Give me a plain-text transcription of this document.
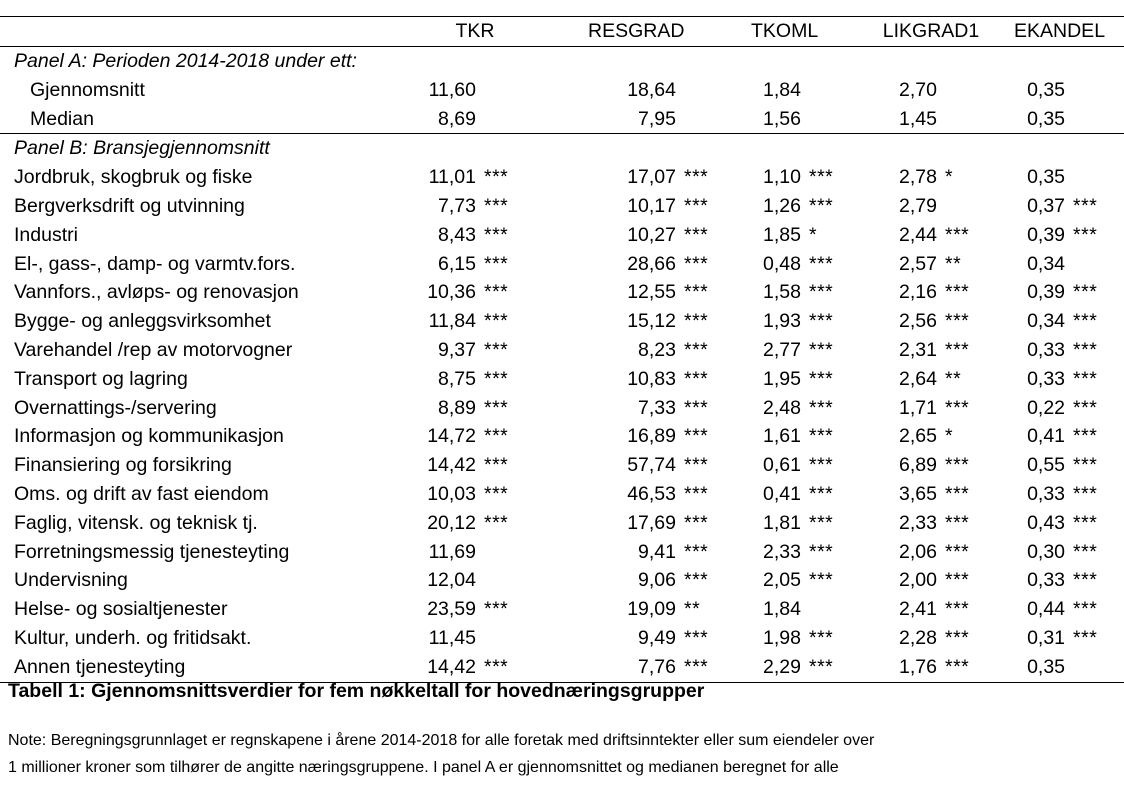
	TKR		RESGRAD		TKOML		LIKGRAD1		EKANDEL	
Panel A: Perioden 2014-2018 under ett:										
Gjennomsnitt	11,60		18,64		1,84		2,70		0,35	
Median	8,69		7,95		1,56		1,45		0,35	
Panel B: Bransjegjennomsnitt										
Jordbruk, skogbruk og fiske	11,01	***	17,07	***	1,10	***	2,78	*	0,35	
Bergverksdrift og utvinning	7,73	***	10,17	***	1,26	***	2,79		0,37	***
Industri	8,43	***	10,27	***	1,85	*	2,44	***	0,39	***
El-, gass-, damp- og varmtv.fors.	6,15	***	28,66	***	0,48	***	2,57	**	0,34	
Vannfors., avløps- og renovasjon	10,36	***	12,55	***	1,58	***	2,16	***	0,39	***
Bygge- og anleggsvirksomhet	11,84	***	15,12	***	1,93	***	2,56	***	0,34	***
Varehandel /rep av motorvogner	9,37	***	8,23	***	2,77	***	2,31	***	0,33	***
Transport og lagring	8,75	***	10,83	***	1,95	***	2,64	**	0,33	***
Overnattings-/servering	8,89	***	7,33	***	2,48	***	1,71	***	0,22	***
Informasjon og kommunikasjon	14,72	***	16,89	***	1,61	***	2,65	*	0,41	***
Finansiering og forsikring	14,42	***	57,74	***	0,61	***	6,89	***	0,55	***
Oms. og drift av fast eiendom	10,03	***	46,53	***	0,41	***	3,65	***	0,33	***
Faglig, vitensk. og teknisk tj.	20,12	***	17,69	***	1,81	***	2,33	***	0,43	***
Forretningsmessig tjenesteyting	11,69		9,41	***	2,33	***	2,06	***	0,30	***
Undervisning	12,04		9,06	***	2,05	***	2,00	***	0,33	***
Helse- og sosialtjenester	23,59	***	19,09	**	1,84		2,41	***	0,44	***
Kultur, underh. og fritidsakt.	11,45		9,49	***	1,98	***	2,28	***	0,31	***
Annen tjenesteyting	14,42	***	7,76	***	2,29	***	1,76	***	0,35	

Tabell 1: Gjennomsnittsverdier for fem nøkkeltall for hovednæringsgrupper

Note: Beregningsgrunnlaget er regnskapene i årene 2014-2018 for alle foretak med driftsinntekter eller sum eiendeler over

1 millioner kroner som tilhører de angitte næringsgruppene. I panel A er gjennomsnittet og medianen beregnet for alle
